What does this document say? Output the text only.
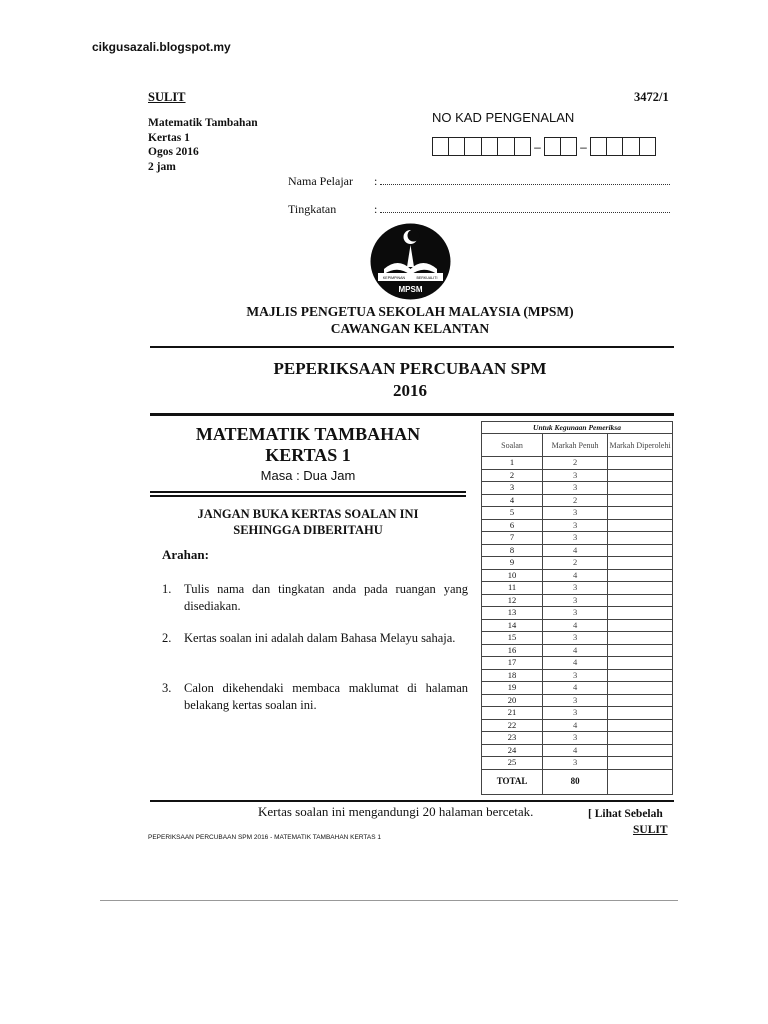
cikgusazali.blogspot.my
SULIT	3472/1
Matematik Tambahan
Kertas 1
Ogos 2016
2 jam
NO KAD PENGENALAN
–	–
Nama Pelajar :
Tingkatan	:
KEPIMPINAN	BERKUALITI
MPSM
MAJLIS PENGETUA SEKOLAH MALAYSIA (MPSM)
CAWANGAN KELANTAN
PEPERIKSAAN PERCUBAAN SPM
2016
MATEMATIK TAMBAHAN
KERTAS 1
Masa : Dua Jam
JANGAN BUKA KERTAS SOALAN INI
SEHINGGA DIBERITAHU
Arahan:
1. Tulis nama dan tingkatan anda pada ruangan yang disediakan.
2. Kertas soalan ini adalah dalam Bahasa Melayu sahaja.
3. Calon dikehendaki membaca maklumat di halaman belakang kertas soalan ini.
Untuk Kegunaan Pemeriksa		
Soalan	Markah Penuh	Markah Diperolehi
1	2	
2	3	
3	3	
4	2	
5	3	
6	3	
7	3	
8	4	
9	2	
10	4	
11	3	
12	3	
13	3	
14	4	
15	3	
16	4	
17	4	
18	3	
19	4	
20	3	
21	3	
22	4	
23	3	
24	4	
25	3	
TOTAL	80	
Kertas soalan ini mengandungi 20 halaman bercetak.	[ Lihat Sebelah
SULIT
PEPERIKSAAN PERCUBAAN SPM 2016 - MATEMATIK TAMBAHAN KERTAS 1
